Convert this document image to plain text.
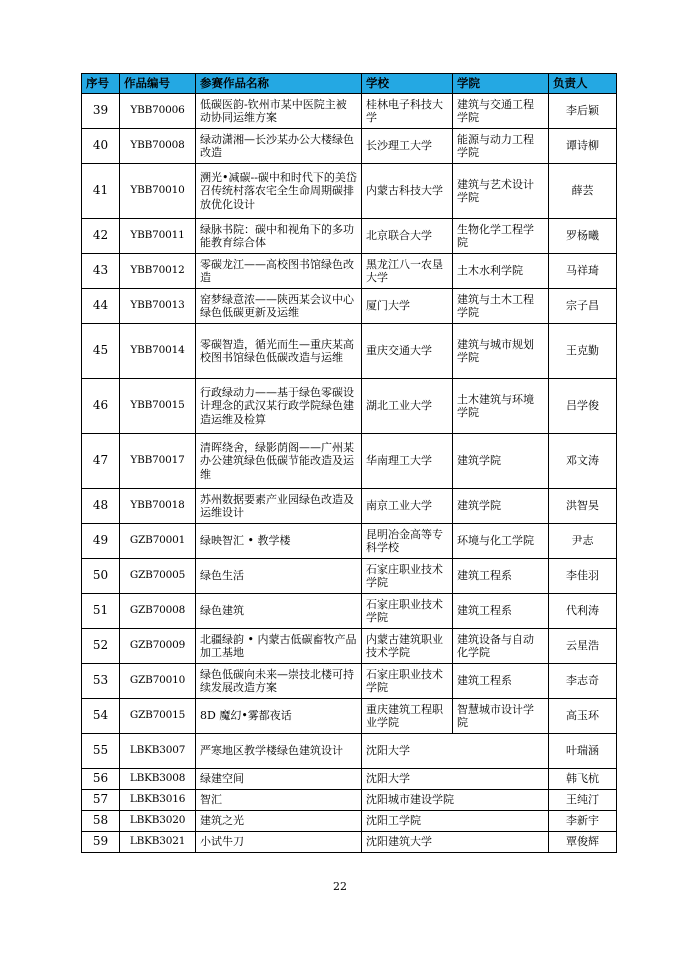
序号	作品编号	参赛作品名称	学校	学院	负责人
39	YBB70006	低碳医韵-钦州市某中医院主被动协同运维方案	桂林电子科技大学	建筑与交通工程学院	李后颖
40	YBB70008	绿动潇湘—长沙某办公大楼绿色改造	长沙理工大学	能源与动力工程学院	谭诗柳
41	YBB70010	溯光•减碳--碳中和时代下的美岱召传统村落农宅全生命周期碳排放优化设计	内蒙古科技大学	建筑与艺术设计学院	薛芸
42	YBB70011	绿脉书院：碳中和视角下的多功能教育综合体	北京联合大学	生物化学工程学院	罗杨曦
43	YBB70012	零碳龙江——高校图书馆绿色改造	黑龙江八一农垦大学	土木水利学院	马祥琦
44	YBB70013	窑梦绿意浓——陕西某会议中心绿色低碳更新及运维	厦门大学	建筑与土木工程学院	宗子昌
45	YBB70014	零碳智造，循光而生—重庆某高校图书馆绿色低碳改造与运维	重庆交通大学	建筑与城市规划学院	王克勤
46	YBB70015	行政绿动力——基于绿色零碳设计理念的武汉某行政学院绿色建造运维及检算	湖北工业大学	土木建筑与环境学院	吕学俊
47	YBB70017	清晖绕舍，绿影荫阁——广州某办公建筑绿色低碳节能改造及运维	华南理工大学	建筑学院	邓文涛
48	YBB70018	苏州数据要素产业园绿色改造及运维设计	南京工业大学	建筑学院	洪智昊
49	GZB70001	绿映智汇 • 教学楼	昆明冶金高等专科学校	环境与化工学院	尹志
50	GZB70005	绿色生活	石家庄职业技术学院	建筑工程系	李佳羽
51	GZB70008	绿色建筑	石家庄职业技术学院	建筑工程系	代利涛
52	GZB70009	北疆绿韵 • 内蒙古低碳畜牧产品加工基地	内蒙古建筑职业技术学院	建筑设备与自动化学院	云星浩
53	GZB70010	绿色低碳向未来—崇技北楼可持续发展改造方案	石家庄职业技术学院	建筑工程系	李志奇
54	GZB70015	8D 魔幻•雾都夜话	重庆建筑工程职业学院	智慧城市设计学院	高玉环
55	LBKB3007	严寒地区教学楼绿色建筑设计	沈阳大学		叶瑞涵
56	LBKB3008	绿建空间	沈阳大学		韩飞杭
57	LBKB3016	智汇	沈阳城市建设学院		王纯汀
58	LBKB3020	建筑之光	沈阳工学院		李新宇
59	LBKB3021	小试牛刀	沈阳建筑大学		覃俊辉
22
